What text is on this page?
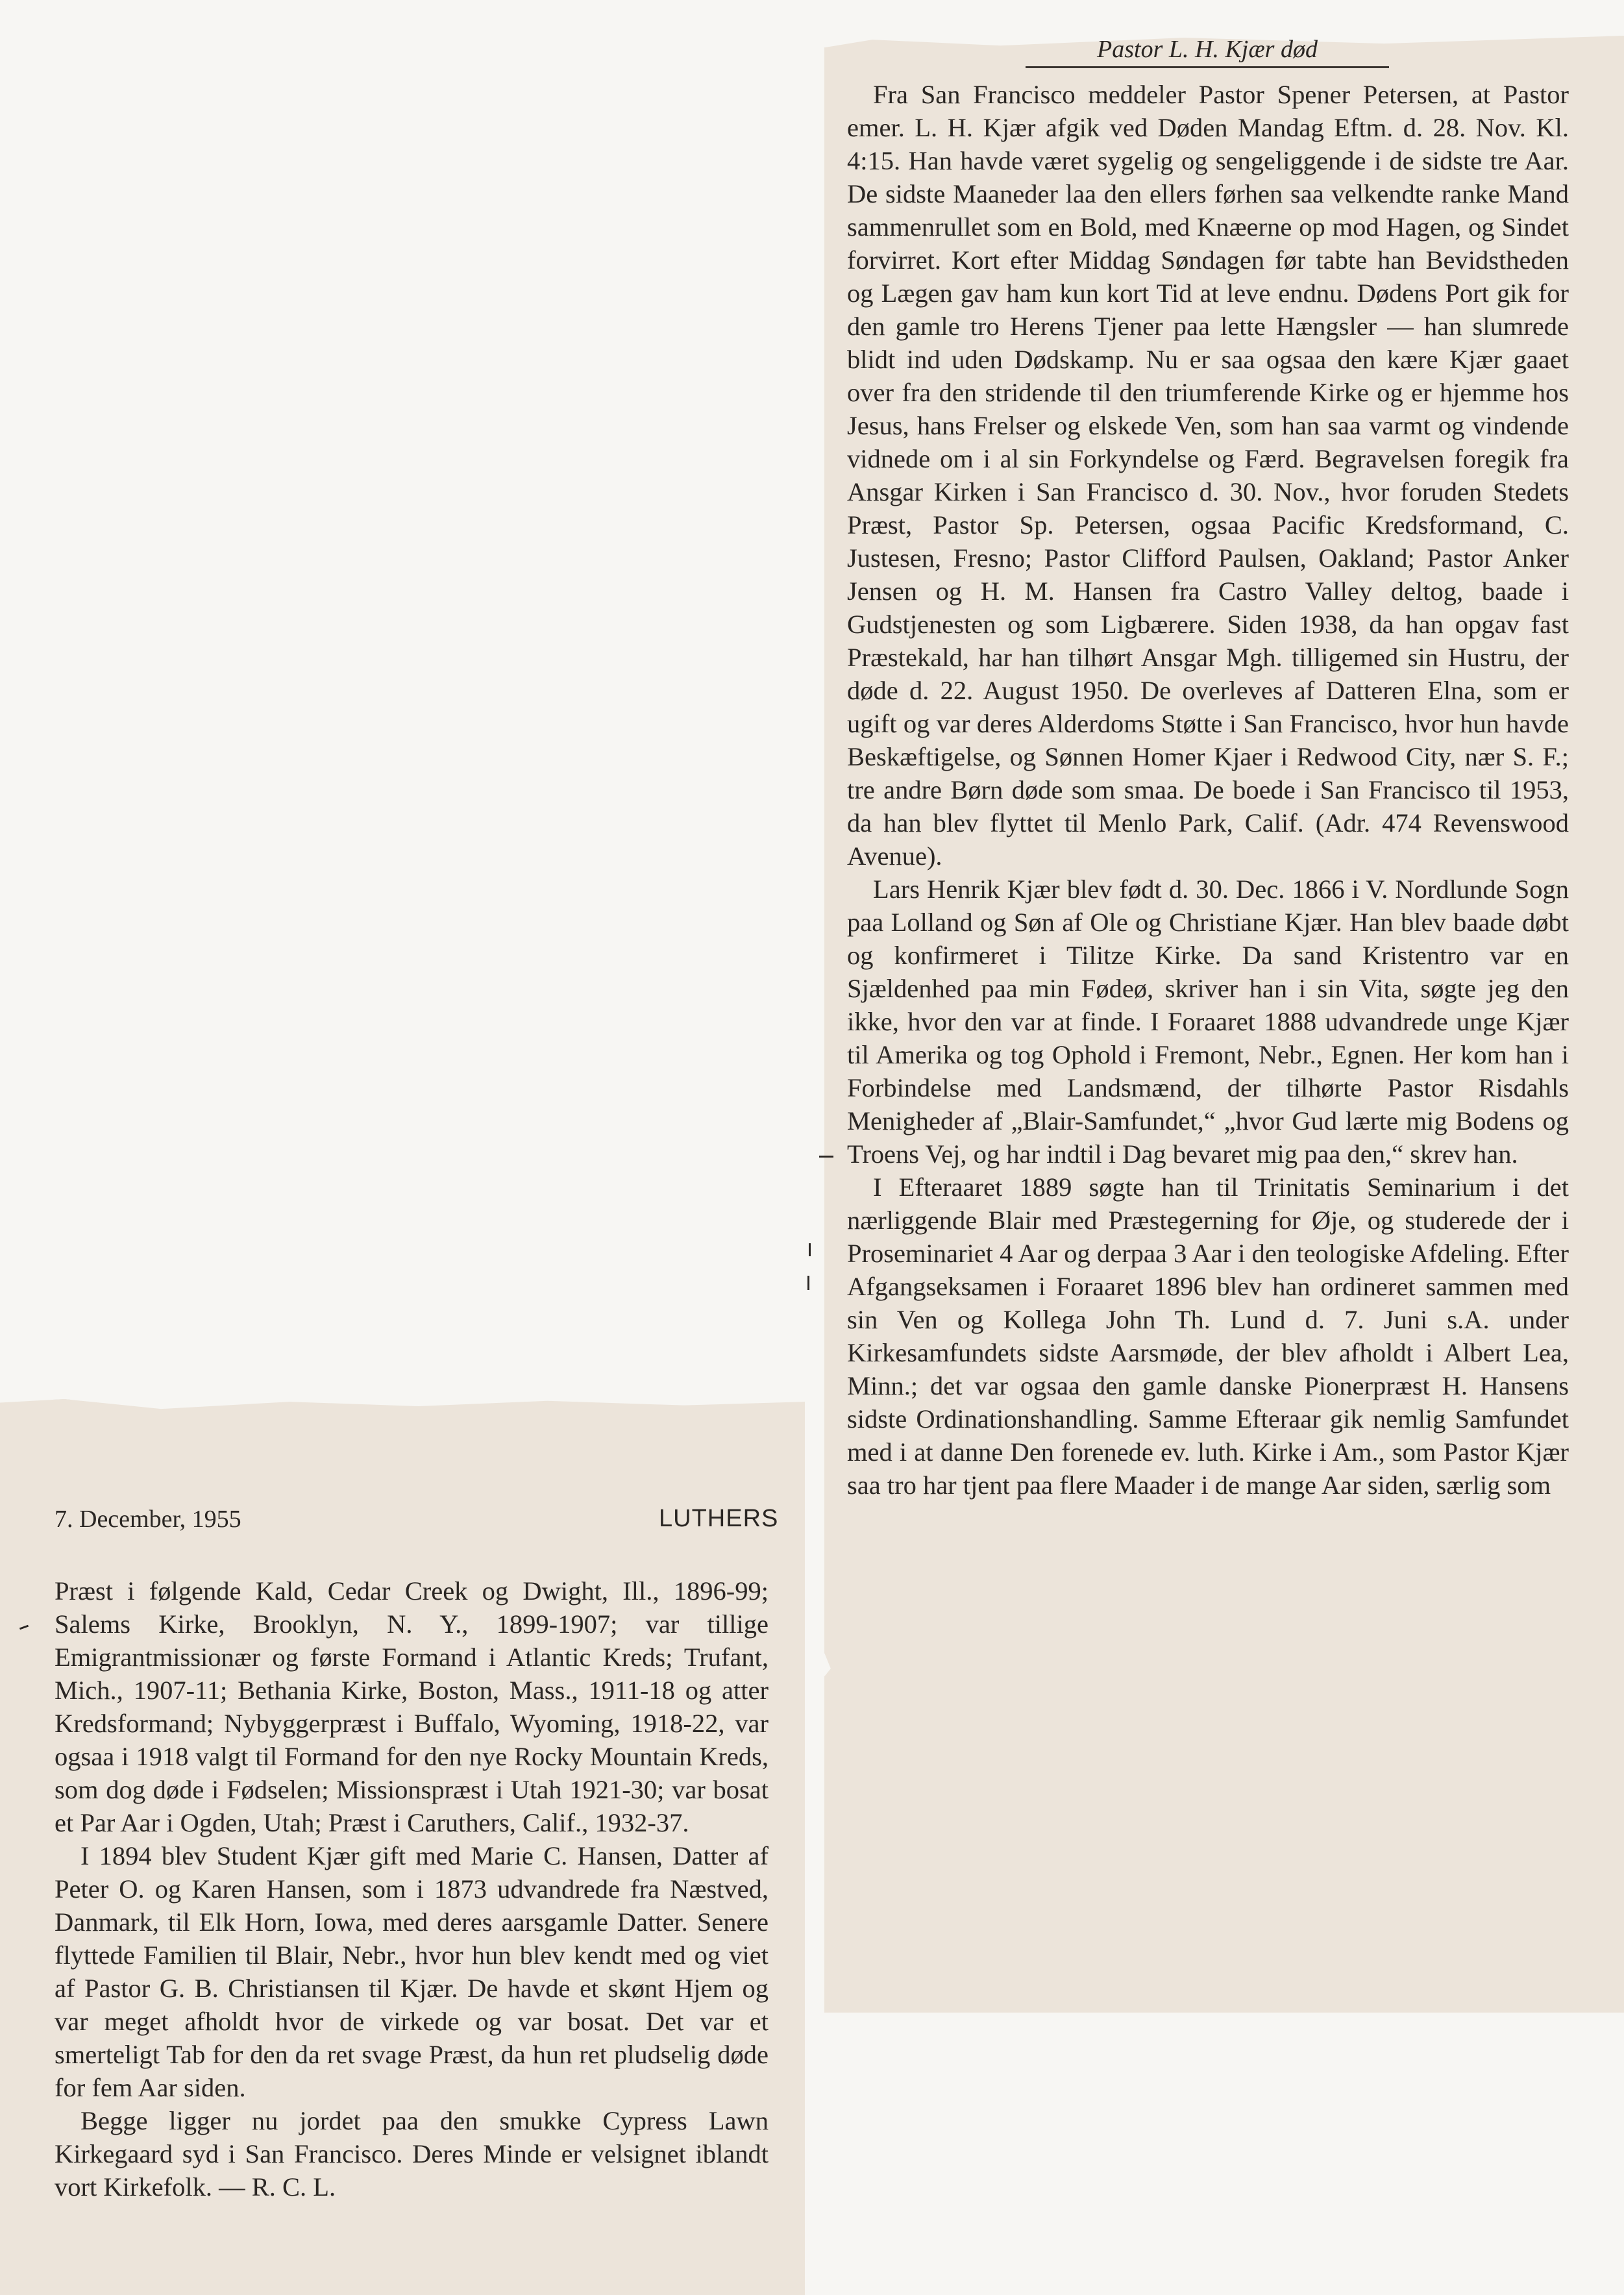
Pastor L. H. Kjær død

Fra San Francisco meddeler Pastor Spener Petersen, at Pastor emer. L. H. Kjær afgik ved Døden Mandag Eftm. d. 28. Nov. Kl. 4:15. Han havde været sygelig og sengeliggende i de sidste tre Aar. De sidste Maaneder laa den ellers førhen saa velkendte ranke Mand sammenrullet som en Bold, med Knæerne op mod Hagen, og Sindet forvirret. Kort efter Middag Søndagen før tabte han Bevidstheden og Lægen gav ham kun kort Tid at leve endnu. Dødens Port gik for den gamle tro Herens Tjener paa lette Hængsler — han slumrede blidt ind uden Dødskamp. Nu er saa ogsaa den kære Kjær gaaet over fra den stridende til den triumferende Kirke og er hjemme hos Jesus, hans Frelser og elskede Ven, som han saa varmt og vindende vidnede om i al sin Forkyndelse og Færd. Begravelsen foregik fra Ansgar Kirken i San Francisco d. 30. Nov., hvor foruden Stedets Præst, Pastor Sp. Petersen, ogsaa Pacific Kredsformand, C. Justesen, Fresno; Pastor Clifford Paulsen, Oakland; Pastor Anker Jensen og H. M. Hansen fra Castro Valley deltog, baade i Gudstjenesten og som Ligbærere. Siden 1938, da han opgav fast Præstekald, har han tilhørt Ansgar Mgh. tilligemed sin Hustru, der døde d. 22. August 1950. De overleves af Datteren Elna, som er ugift og var deres Alderdoms Støtte i San Francisco, hvor hun havde Beskæftigelse, og Sønnen Homer Kjaer i Redwood City, nær S. F.; tre andre Børn døde som smaa. De boede i San Francisco til 1953, da han blev flyttet til Menlo Park, Calif. (Adr. 474 Revenswood Avenue).

Lars Henrik Kjær blev født d. 30. Dec. 1866 i V. Nordlunde Sogn paa Lolland og Søn af Ole og Christiane Kjær. Han blev baade døbt og konfirmeret i Tilitze Kirke. Da sand Kristentro var en Sjældenhed paa min Fødeø, skriver han i sin Vita, søgte jeg den ikke, hvor den var at finde. I Foraaret 1888 udvandrede unge Kjær til Amerika og tog Ophold i Fremont, Nebr., Egnen. Her kom han i Forbindelse med Landsmænd, der tilhørte Pastor Risdahls Menigheder af „Blair-Samfundet,“ „hvor Gud lærte mig Bodens og Troens Vej, og har indtil i Dag bevaret mig paa den,“ skrev han.

I Efteraaret 1889 søgte han til Trinitatis Seminarium i det nærliggende Blair med Præstegerning for Øje, og studerede der i Proseminariet 4 Aar og derpaa 3 Aar i den teologiske Afdeling. Efter Afgangseksamen i Foraaret 1896 blev han ordineret sammen med sin Ven og Kollega John Th. Lund d. 7. Juni s.A. under Kirkesamfundets sidste Aarsmøde, der blev afholdt i Albert Lea, Minn.; det var ogsaa den gamle danske Pionerpræst H. Hansens sidste Ordinationshandling. Samme Efteraar gik nemlig Samfundet med i at danne Den forenede ev. luth. Kirke i Am., som Pastor Kjær saa tro har tjent paa flere Maader i de mange Aar siden, særlig som

7. December, 1955	LUTHERS

Præst i følgende Kald, Cedar Creek og Dwight, Ill., 1896-99; Salems Kirke, Brooklyn, N. Y., 1899-1907; var tillige Emigrantmissionær og første Formand i Atlantic Kreds; Trufant, Mich., 1907-11; Bethania Kirke, Boston, Mass., 1911-18 og atter Kredsformand; Nybyggerpræst i Buffalo, Wyoming, 1918-22, var ogsaa i 1918 valgt til Formand for den nye Rocky Mountain Kreds, som dog døde i Fødselen; Missionspræst i Utah 1921-30; var bosat et Par Aar i Ogden, Utah; Præst i Caruthers, Calif., 1932-37.

I 1894 blev Student Kjær gift med Marie C. Hansen, Datter af Peter O. og Karen Hansen, som i 1873 udvandrede fra Næstved, Danmark, til Elk Horn, Iowa, med deres aarsgamle Datter. Senere flyttede Familien til Blair, Nebr., hvor hun blev kendt med og viet af Pastor G. B. Christiansen til Kjær. De havde et skønt Hjem og var meget afholdt hvor de virkede og var bosat. Det var et smerteligt Tab for den da ret svage Præst, da hun ret pludselig døde for fem Aar siden.

Begge ligger nu jordet paa den smukke Cypress Lawn Kirkegaard syd i San Francisco. Deres Minde er velsignet iblandt vort Kirkefolk. — R. C. L.
